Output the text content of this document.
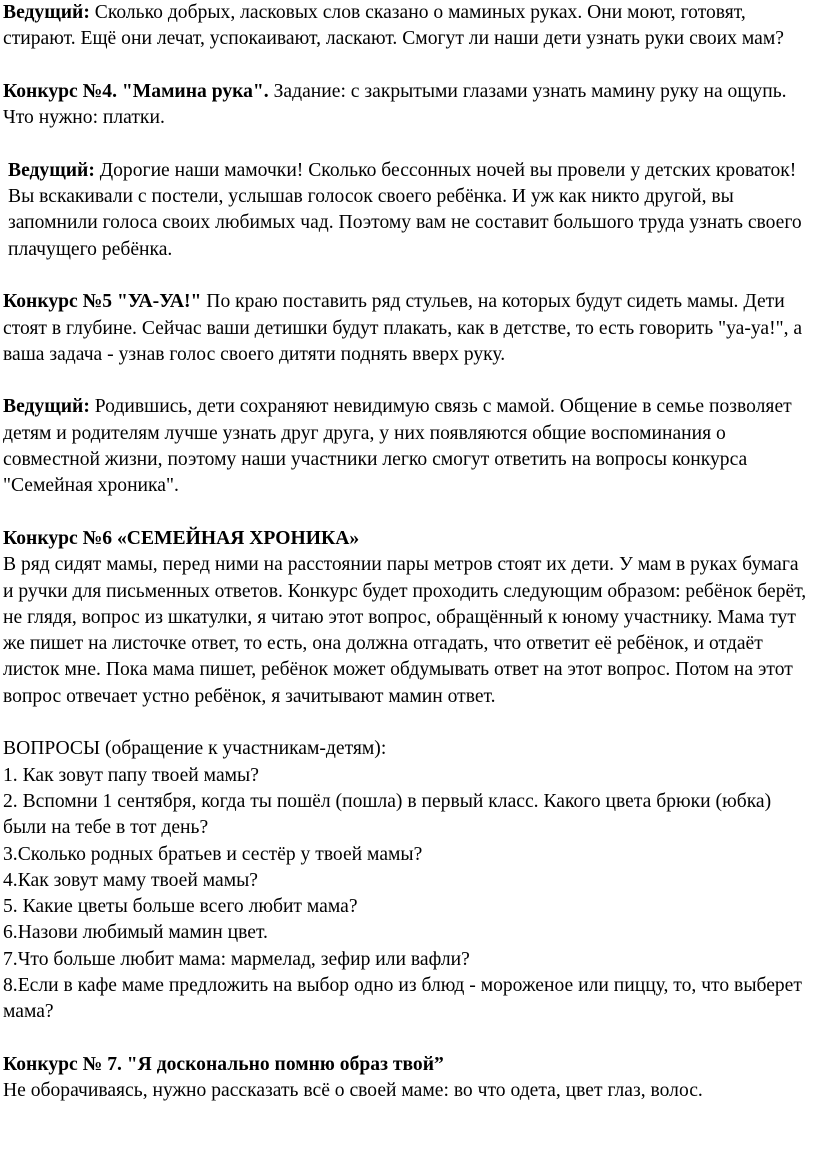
Ведущий: Сколько добрых, ласковых слов сказано о маминых руках. Они моют, готовят, стирают. Ещё они лечат, успокаивают, ласкают. Смогут ли наши дети узнать руки своих мам?

Конкурс №4. "Мамина рука". Задание: с закрытыми глазами узнать мамину руку на ощупь. Что нужно: платки.

Ведущий: Дорогие наши мамочки! Сколько бессонных ночей вы провели у детских кроваток! Вы вскакивали с постели, услышав голосок своего ребёнка. И уж как никто другой, вы запомнили голоса своих любимых чад. Поэтому вам не составит большого труда узнать своего плачущего ребёнка.

Конкурс №5 "УА-УА!" По краю поставить ряд стульев, на которых будут сидеть мамы. Дети стоят в глубине. Сейчас ваши детишки будут плакать, как в детстве, то есть говорить "уа-уа!", а ваша задача - узнав голос своего дитяти поднять вверх руку.

Ведущий: Родившись, дети сохраняют невидимую связь с мамой. Общение в семье позволяет детям и родителям лучше узнать друг друга, у них появляются общие воспоминания о совместной жизни, поэтому наши участники легко смогут ответить на вопросы конкурса "Семейная хроника".

Конкурс №6 «СЕМЕЙНАЯ ХРОНИКА»

В ряд сидят мамы, перед ними на расстоянии пары метров стоят их дети. У мам в руках бумага и ручки для письменных ответов. Конкурс будет проходить следующим образом: ребёнок берёт, не глядя, вопрос из шкатулки, я читаю этот вопрос, обращённый к юному участнику. Мама тут же пишет на листочке ответ, то есть, она должна отгадать, что ответит её ребёнок, и отдаёт листок мне. Пока мама пишет, ребёнок может обдумывать ответ на этот вопрос. Потом на этот вопрос отвечает устно ребёнок, я зачитывают мамин ответ.

ВОПРОСЫ (обращение к участникам-детям):

1. Как зовут папу твоей мамы?

2. Вспомни 1 сентября, когда ты пошёл (пошла) в первый класс. Какого цвета брюки (юбка) были на тебе в тот день?

3.Сколько родных братьев и сестёр у твоей мамы?

4.Как зовут маму твоей мамы?

5. Какие цветы больше всего любит мама?

6.Назови любимый мамин цвет.

7.Что больше любит мама: мармелад, зефир или вафли?

8.Если в кафе маме предложить на выбор одно из блюд - мороженое или пиццу, то, что выберет мама?

Конкурс № 7. "Я досконально помню образ твой”

Не оборачиваясь, нужно рассказать всё о своей маме: во что одета, цвет глаз, волос.
